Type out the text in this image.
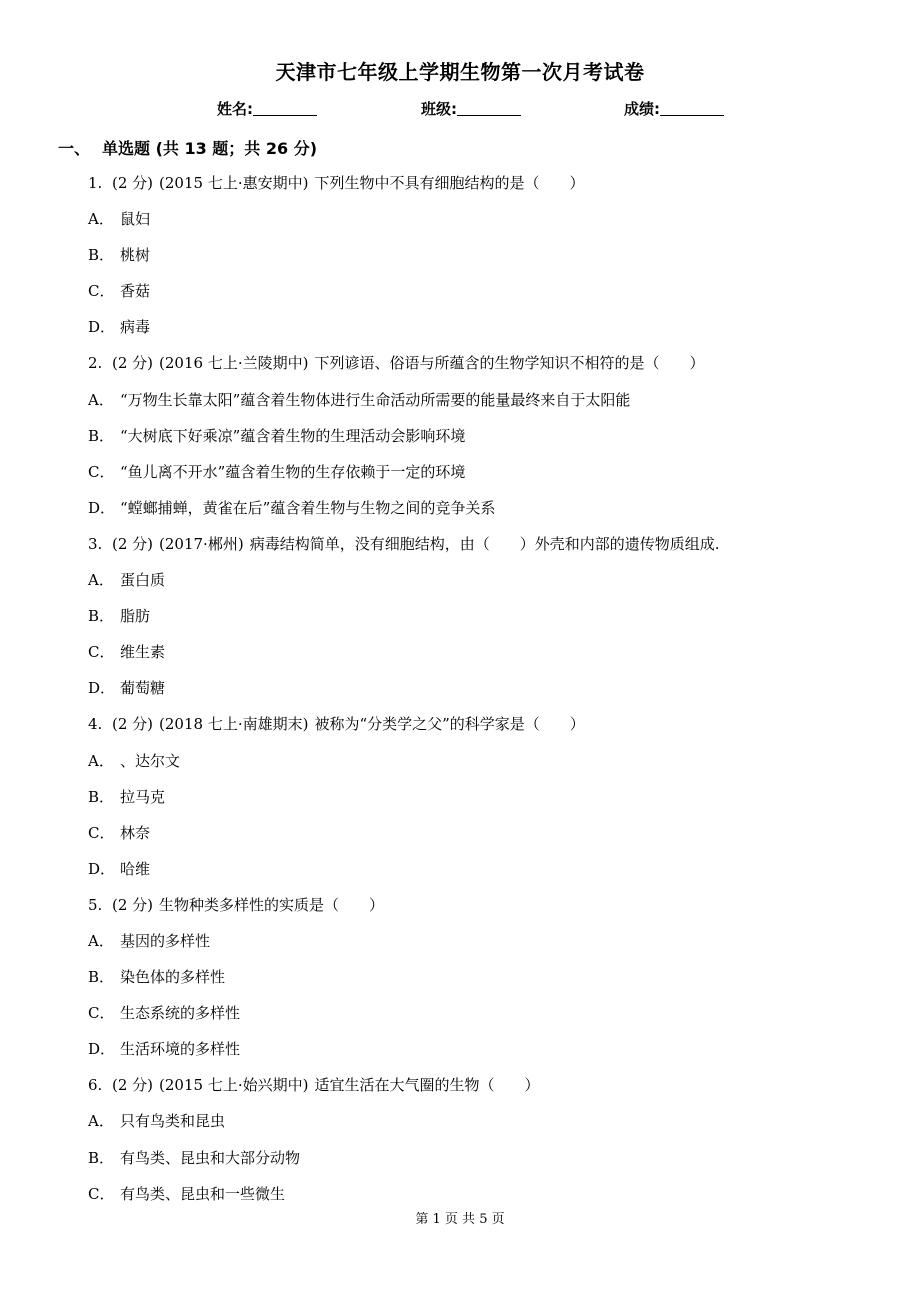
天津市七年级上学期生物第一次月考试卷
姓名:	班级:	成绩:
一、 单选题 (共 13 题；共 26 分)
1. (2 分) (2015 七上·惠安期中) 下列生物中不具有细胞结构的是（　　）
A． 鼠妇
B． 桃树
C． 香菇
D． 病毒
2. (2 分) (2016 七上·兰陵期中) 下列谚语、俗语与所蕴含的生物学知识不相符的是（　　）
A． “万物生长靠太阳”蕴含着生物体进行生命活动所需要的能量最终来自于太阳能
B． “大树底下好乘凉”蕴含着生物的生理活动会影响环境
C． “鱼儿离不开水”蕴含着生物的生存依赖于一定的环境
D． “螳螂捕蝉，黄雀在后”蕴含着生物与生物之间的竞争关系
3. (2 分) (2017·郴州) 病毒结构简单，没有细胞结构，由（　　）外壳和内部的遗传物质组成.
A． 蛋白质
B． 脂肪
C． 维生素
D． 葡萄糖
4. (2 分) (2018 七上·南雄期末) 被称为“分类学之父”的科学家是（　　）
A． 、达尔文
B． 拉马克
C． 林奈
D． 哈维
5. (2 分) 生物种类多样性的实质是（　　）
A． 基因的多样性
B． 染色体的多样性
C． 生态系统的多样性
D． 生活环境的多样性
6. (2 分) (2015 七上·始兴期中) 适宜生活在大气圈的生物（　　）
A． 只有鸟类和昆虫
B． 有鸟类、昆虫和大部分动物
C． 有鸟类、昆虫和一些微生
第 1 页 共 5 页
